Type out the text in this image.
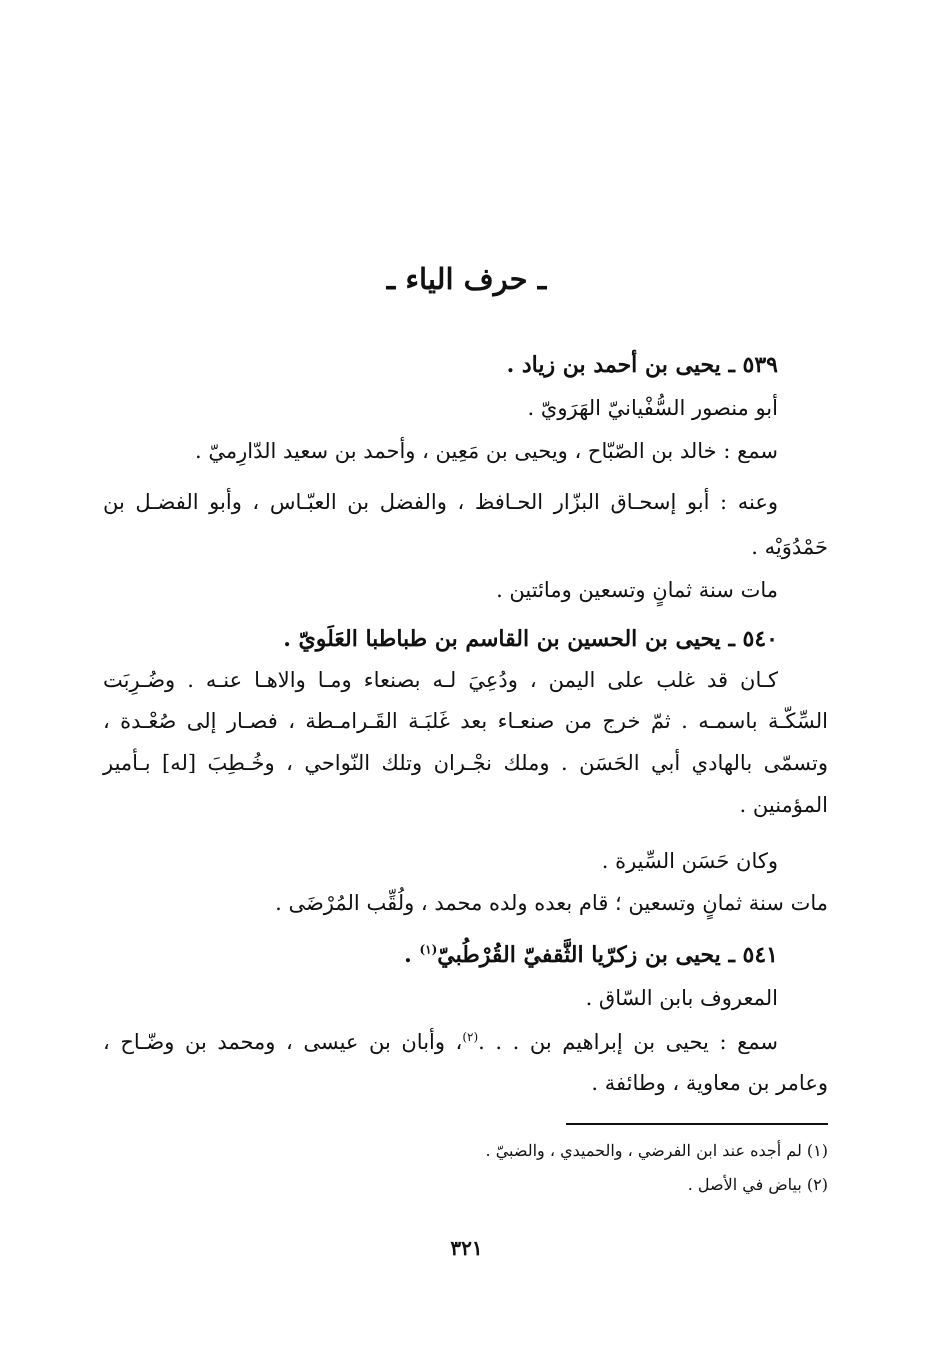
ـ حرف الياء ـ
٥٣٩ ـ يحيى بن أحمد بن زياد .
أبو منصور السُّفْيانيّ الهَرَويّ .
سمع : خالد بن الصّبّاح ، ويحيى بن مَعِين ، وأحمد بن سعيد الدّارِميّ .
وعنه : أبو إسحـاق البزّار الحـافظ ، والفضل بن العبّـاس ، وأبو الفضـل بن
حَمْدُوَيْه .
مات سنة ثمانٍ وتسعين ومائتين .
٥٤٠ ـ يحيى بن الحسين بن القاسم بن طباطبا العَلَويّ .
كـان قد غلب على اليمن ، ودُعِيَ لـه بصنعاء ومـا والاهـا عنـه . وضُـرِبَت
السِّكّـة باسمـه . ثمّ خرج من صنعـاء بعد غَلبَـة القَـرامـطة ، فصـار إلى صُعْـدة ،
وتسمّى بالهادي أبي الحَسَن . وملك نجْـران وتلك النّواحي ، وخُـطِبَ [له] بـأمير
المؤمنين .
وكان حَسَن السِّيرة .
مات سنة ثمانٍ وتسعين ؛ قام بعده ولده محمد ، ولُقِّب المُرْضَى .
٥٤١ ـ يحيى بن زكرّيا الثَّقفيّ القُرْطُبيّ$^{(١)}$ .
المعروف بابن السّاق .
سمع : يحيى بن إبراهيم بن . . .$^{(٢)}$، وأبان بن عيسى ، ومحمد بن وضّـاح ،
وعامر بن معاوية ، وطائفة .
(١) لم أجده عند ابن الفرضي ، والحميدي ، والضبيّ .
(٢) بياض في الأصل .
٣٢١
